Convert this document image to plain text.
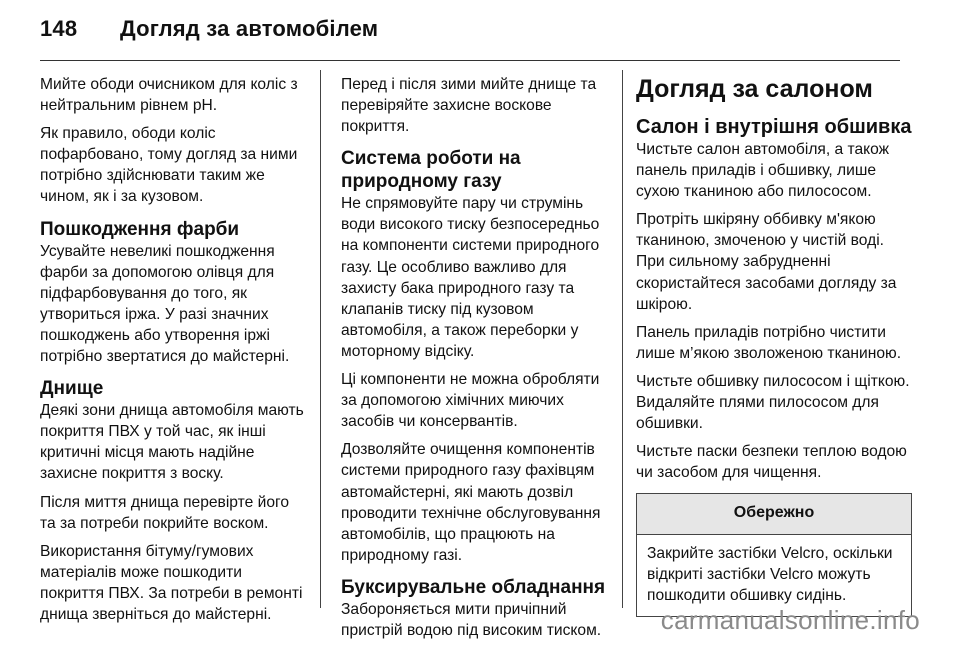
148 Догляд за автомобілем

Мийте ободи очисником для коліс з нейтральним рівнем рН.

Як правило, ободи коліс пофарбовано, тому догляд за ними потрібно здійснювати таким же чином, як і за кузовом.

Пошкодження фарби

Усувайте невеликі пошкодження фарби за допомогою олівця для підфарбовування до того, як утвориться іржа. У разі значних пошкоджень або утворення іржі потрібно звертатися до майстерні.

Днище

Деякі зони днища автомобіля мають покриття ПВХ у той час, як інші критичні місця мають надійне захисне покриття з воску.

Після миття днища перевірте його та за потреби покрийте воском.

Використання бітуму/гумових матеріалів може пошкодити покриття ПВХ. За потреби в ремонті днища зверніться до майстерні.

Перед і після зими мийте днище та перевіряйте захисне воскове покриття.

Система роботи на природному газу

Не спрямовуйте пару чи струмінь води високого тиску безпосередньо на компоненти системи природного газу. Це особливо важливо для захисту бака природного газу та клапанів тиску під кузовом автомобіля, а також переборки у моторному відсіку.

Ці компоненти не можна обробляти за допомогою хімічних миючих засобів чи консервантів.

Дозволяйте очищення компонентів системи природного газу фахівцям автомайстерні, які мають дозвіл проводити технічне обслуговування автомобілів, що працюють на природному газі.

Буксирувальне обладнання

Забороняється мити причіпний пристрій водою під високим тиском.

Догляд за салоном
Салон і внутрішня обшивка

Чистьте салон автомобіля, а також панель приладів і обшивку, лише сухою тканиною або пилососом.

Протріть шкіряну оббивку м'якою тканиною, змоченою у чистій воді. При сильному забрудненні скористайтеся засобами догляду за шкірою.

Панель приладів потрібно чистити лише м’якою зволоженою тканиною.

Чистьте обшивку пилососом і щіткою. Видаляйте плями пилососом для обшивки.

Чистьте паски безпеки теплою водою чи засобом для чищення.

Обережно
Закрийте застібки Velcro, оскільки відкриті застібки Velcro можуть пошкодити обшивку сидінь.
carmanualsonline.info
